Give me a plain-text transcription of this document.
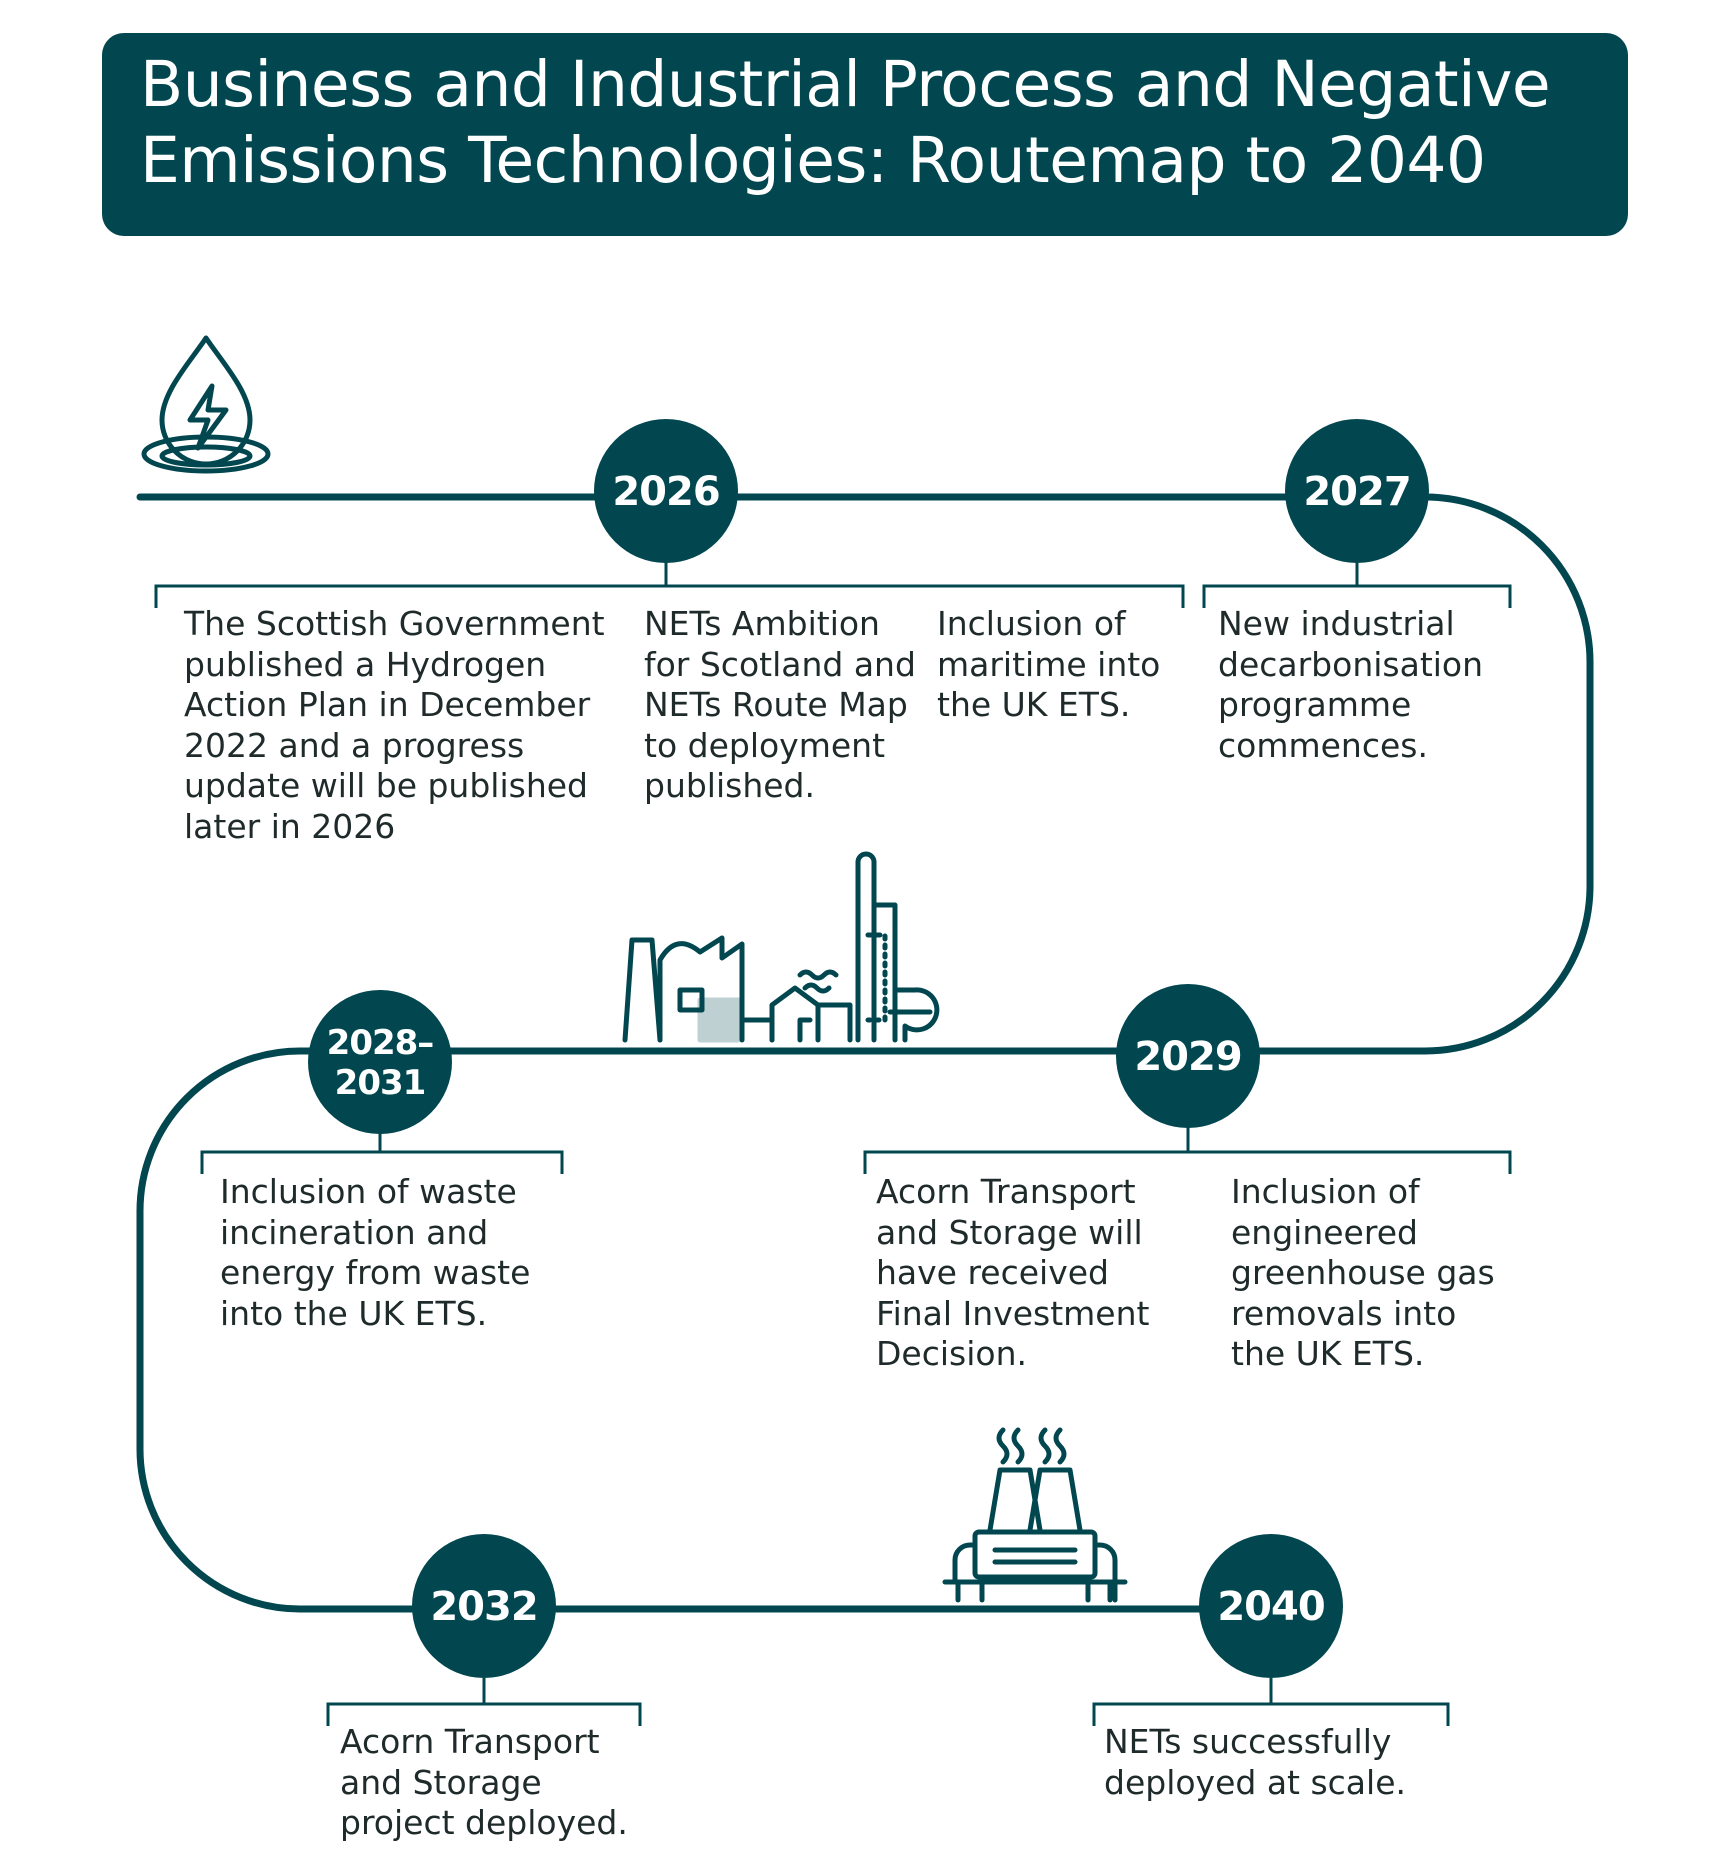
Business and Industrial Process and Negative
Emissions Technologies: Routemap to 2040
2026	2027
2028–
2031
2029
2032	2040
The Scottish Government
published a Hydrogen
Action Plan in December
2022 and a progress
update will be published
later in 2026
NETs Ambition
for Scotland and
NETs Route Map
to deployment
published.
Inclusion of
maritime into
the UK ETS.
New industrial
decarbonisation
programme
commences.
Inclusion of waste
incineration and
energy from waste
into the UK ETS.
Acorn Transport
and Storage will
have received
Final Investment
Decision.
Inclusion of
engineered
greenhouse gas
removals into
the UK ETS.
Acorn Transport
and Storage
project deployed.
NETs successfully
deployed at scale.
